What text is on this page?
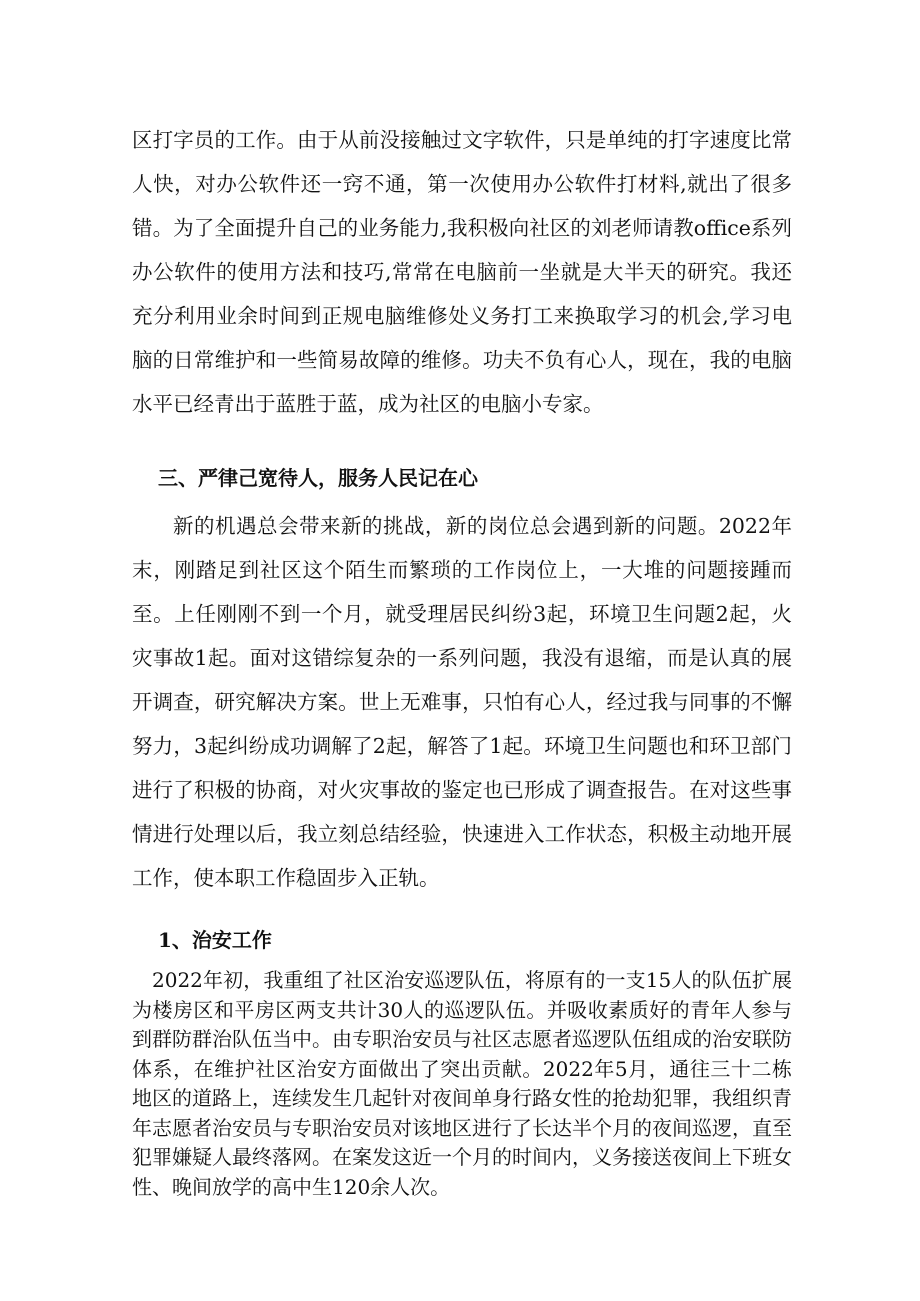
区打字员的工作。由于从前没接触过文字软件，只是单纯的打字速度比常人快，对办公软件还一窍不通，第一次使用办公软件打材料,就出了很多错。为了全面提升自己的业务能力,我积极向社区的刘老师请教office系列办公软件的使用方法和技巧,常常在电脑前一坐就是大半天的研究。我还充分利用业余时间到正规电脑维修处义务打工来换取学习的机会,学习电脑的日常维护和一些简易故障的维修。功夫不负有心人，现在，我的电脑水平已经青出于蓝胜于蓝，成为社区的电脑小专家。

三、严律己宽待人，服务人民记在心

新的机遇总会带来新的挑战，新的岗位总会遇到新的问题。2022年末，刚踏足到社区这个陌生而繁琐的工作岗位上，一大堆的问题接踵而至。上任刚刚不到一个月，就受理居民纠纷3起，环境卫生问题2起，火灾事故1起。面对这错综复杂的一系列问题，我没有退缩，而是认真的展开调查，研究解决方案。世上无难事，只怕有心人，经过我与同事的不懈努力，3起纠纷成功调解了2起，解答了1起。环境卫生问题也和环卫部门进行了积极的协商，对火灾事故的鉴定也已形成了调查报告。在对这些事情进行处理以后，我立刻总结经验，快速进入工作状态，积极主动地开展工作，使本职工作稳固步入正轨。

1、治安工作

2022年初，我重组了社区治安巡逻队伍，将原有的一支15人的队伍扩展为楼房区和平房区两支共计30人的巡逻队伍。并吸收素质好的青年人参与到群防群治队伍当中。由专职治安员与社区志愿者巡逻队伍组成的治安联防体系，在维护社区治安方面做出了突出贡献。2022年5月，通往三十二栋地区的道路上，连续发生几起针对夜间单身行路女性的抢劫犯罪，我组织青年志愿者治安员与专职治安员对该地区进行了长达半个月的夜间巡逻，直至犯罪嫌疑人最终落网。在案发这近一个月的时间内，义务接送夜间上下班女性、晚间放学的高中生120余人次。
